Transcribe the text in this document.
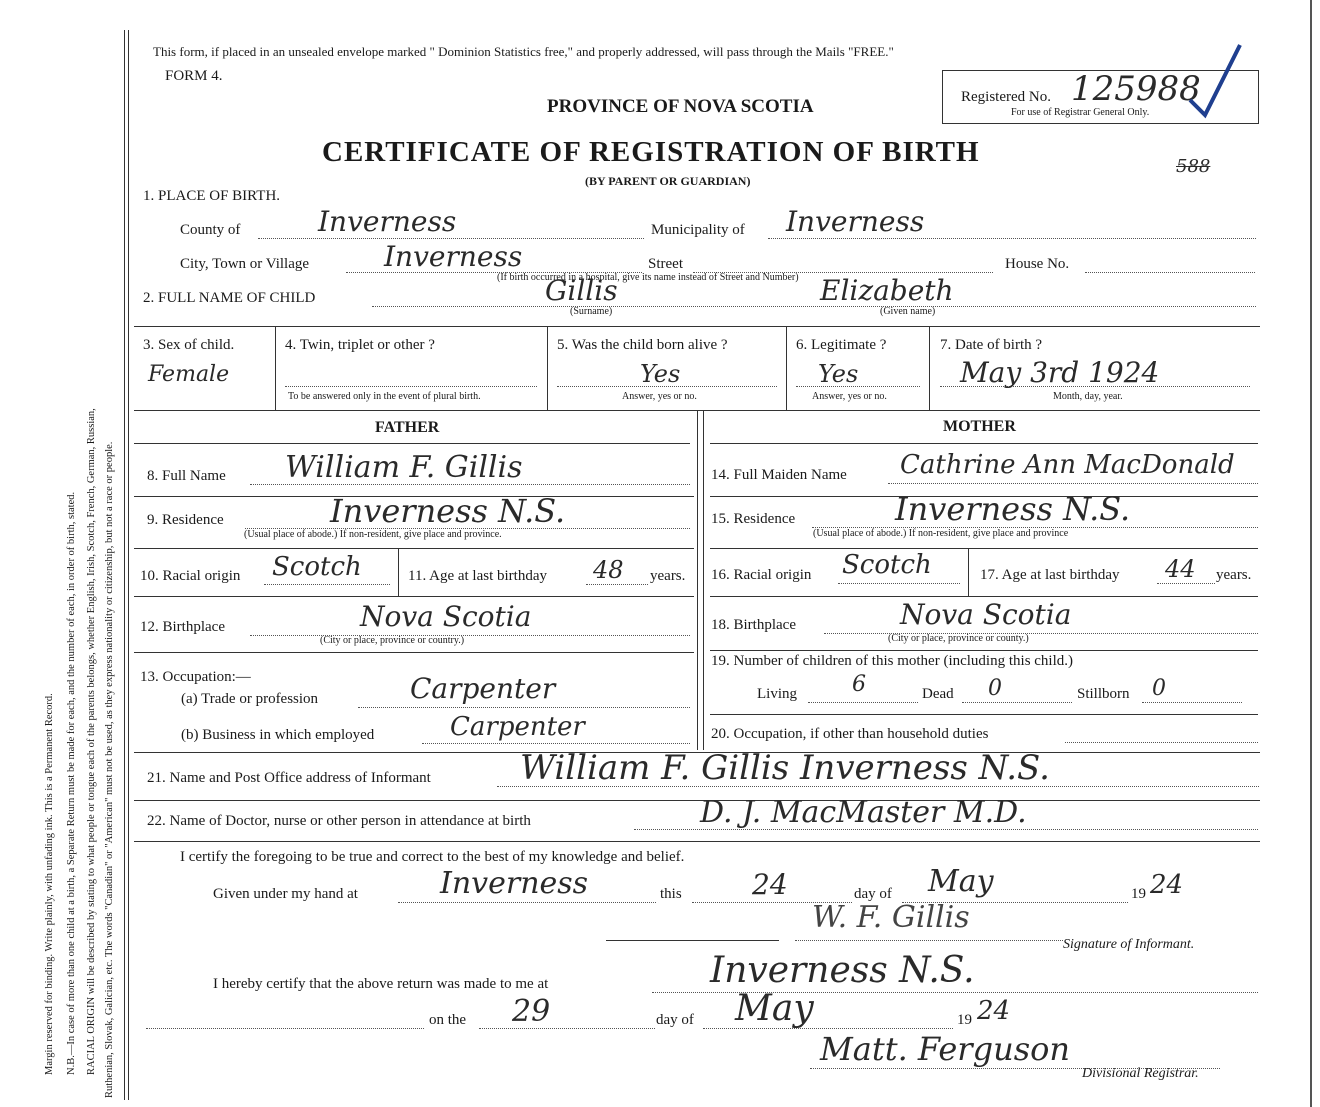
Margin reserved for binding. Write plainly, with unfading ink. This is a Permanent Record. N.B.—In case of more than one child at a birth, a Separate Return must be made for each, and the number of each, in order of birth, stated. RACIAL ORIGIN will be described by stating to what people or tongue each of the parents belongs, whether English, Irish, Scotch, French, German, Russian, Ruthenian, Slovak, Galician, etc. The words "Canadian" or "American" must not be used, as they express nationality or citizenship, but not a race or people.
This form, if placed in an unsealed envelope marked " Dominion Statistics free," and properly addressed, will pass through the Mails "FREE."
FORM 4.
PROVINCE OF NOVA SCOTIA
CERTIFICATE OF REGISTRATION OF BIRTH
(BY PARENT OR GUARDIAN)
Registered No. 125988
For use of Registrar General Only.
588
1. PLACE OF BIRTH.
County of	Inverness	Municipality of Inverness
City, Town or Village	Inverness	Street	House No.
(If birth occurred in a hospital, give its name instead of Street and Number)
2. FULL NAME OF CHILD	Gillis
(Surname)
Elizabeth
(Given name)
3. Sex of child.
Female
4. Twin, triplet or other ?
To be answered only in the event of plural birth.
5. Was the child born alive ?
Yes
Answer, yes or no.
6. Legitimate ?
Yes
Answer, yes or no.
7. Date of birth ?
May 3rd 1924
Month, day, year.
FATHER	MOTHER
8. Full Name William F. Gillis
9. Residence	Inverness N.S.
(Usual place of abode.) If non-resident, give place and province.
10. Racial origin Scotch	11. Age at last birthday 48 years.
12. Birthplace	Nova Scotia
(City or place, province or country.)
13. Occupation:—
(a) Trade or profession	Carpenter
(b) Business in which employed	Carpenter
14. Full Maiden Name Cathrine Ann MacDonald
15. Residence	Inverness N.S.
(Usual place of abode.) If non-resident, give place and province
16. Racial origin Scotch	17. Age at last birthday 44 years.
18. Birthplace	Nova Scotia
(City or place, province or county.)
19. Number of children of this mother (including this child.)
Living	6	Dead 0	Stillborn 0
20. Occupation, if other than household duties
21. Name and Post Office address of Informant	William F. Gillis Inverness N.S.
22. Name of Doctor, nurse or other person in attendance at birth	D. J. MacMaster M.D.
I certify the foregoing to be true and correct to the best of my knowledge and belief.
Given under my hand at	Inverness	this	24	day of May	19 24
W. F. Gillis
Signature of Informant.
I hereby certify that the above return was made to me at	Inverness N.S.
on the 29	day of May	19 24
Matt. Ferguson
Divisional Registrar.
